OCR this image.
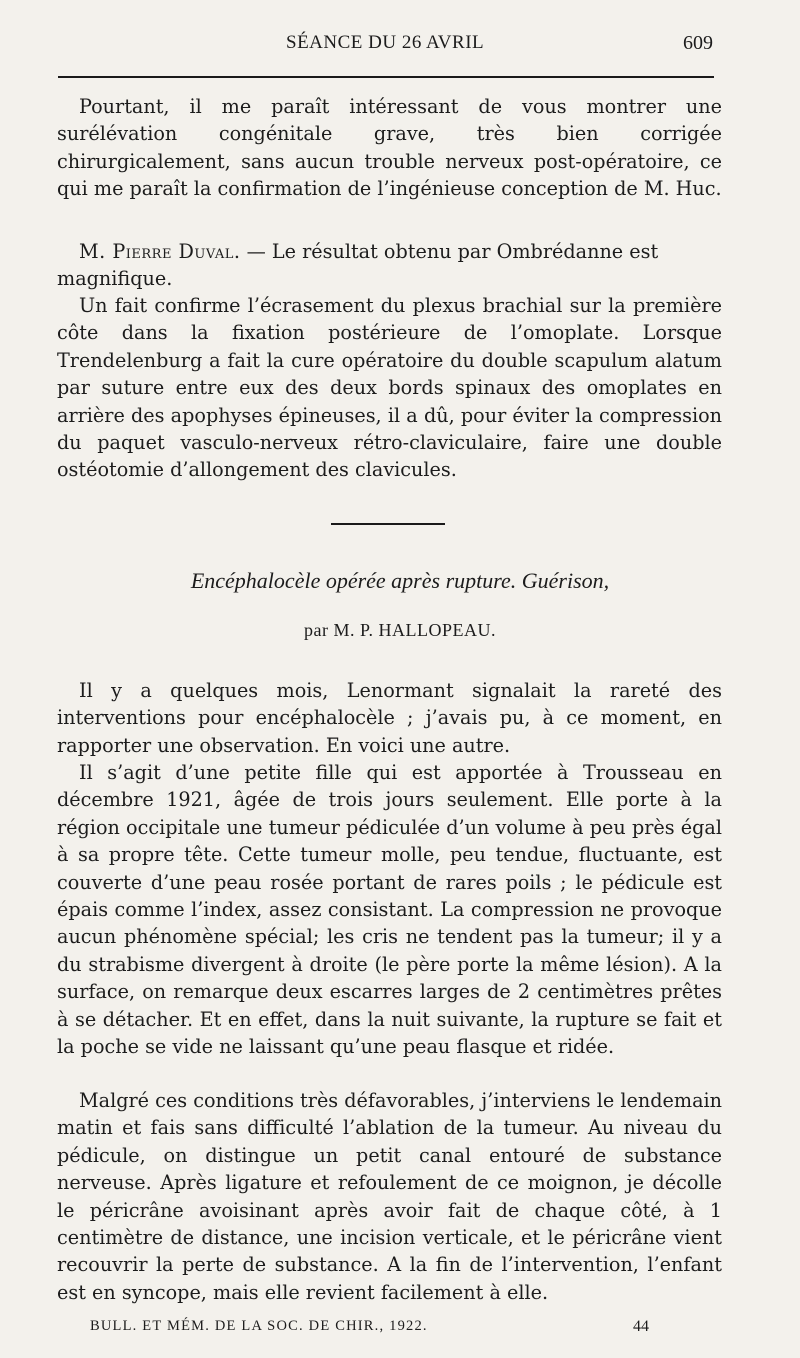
SÉANCE DU 26 AVRIL	609

Pourtant, il me paraît intéressant de vous montrer une surélévation congénitale grave, très bien corrigée chirurgicalement, sans aucun trouble nerveux post-opératoire, ce qui me paraît la confirmation de l’ingénieuse conception de M. Huc.

M. Pierre Duval. — Le résultat obtenu par Ombrédanne est

magnifique.

Un fait confirme l’écrasement du plexus brachial sur la première côte dans la fixation postérieure de l’omoplate. Lorsque Trendelenburg a fait la cure opératoire du double scapulum alatum par suture entre eux des deux bords spinaux des omoplates en arrière des apophyses épineuses, il a dû, pour éviter la compression du paquet vasculo-nerveux rétro-claviculaire, faire une double ostéotomie d’allongement des clavicules.

Encéphalocèle opérée après rupture. Guérison,
par M. P. HALLOPEAU.

Il y a quelques mois, Lenormant signalait la rareté des interventions pour encéphalocèle ; j’avais pu, à ce moment, en rapporter une observation. En voici une autre.

Il s’agit d’une petite fille qui est apportée à Trousseau en décembre 1921, âgée de trois jours seulement. Elle porte à la région occipitale une tumeur pédiculée d’un volume à peu près égal à sa propre tête. Cette tumeur molle, peu tendue, fluctuante, est couverte d’une peau rosée portant de rares poils ; le pédicule est épais comme l’index, assez consistant. La compression ne provoque aucun phénomène spécial; les cris ne tendent pas la tumeur; il y a du strabisme divergent à droite (le père porte la même lésion). A la surface, on remarque deux escarres larges de 2 centimètres prêtes à se détacher. Et en effet, dans la nuit suivante, la rupture se fait et la poche se vide ne laissant qu’une peau flasque et ridée.

Malgré ces conditions très défavorables, j’interviens le lendemain matin et fais sans difficulté l’ablation de la tumeur. Au niveau du pédicule, on distingue un petit canal entouré de substance nerveuse. Après ligature et refoulement de ce moignon, je décolle le péricrâne avoisinant après avoir fait de chaque côté, à 1 centimètre de distance, une incision verticale, et le péricrâne vient recouvrir la perte de substance. A la fin de l’intervention, l’enfant est en syncope, mais elle revient facilement à elle.

BULL. ET MÉM. DE LA SOC. DE CHIR., 1922.	44
